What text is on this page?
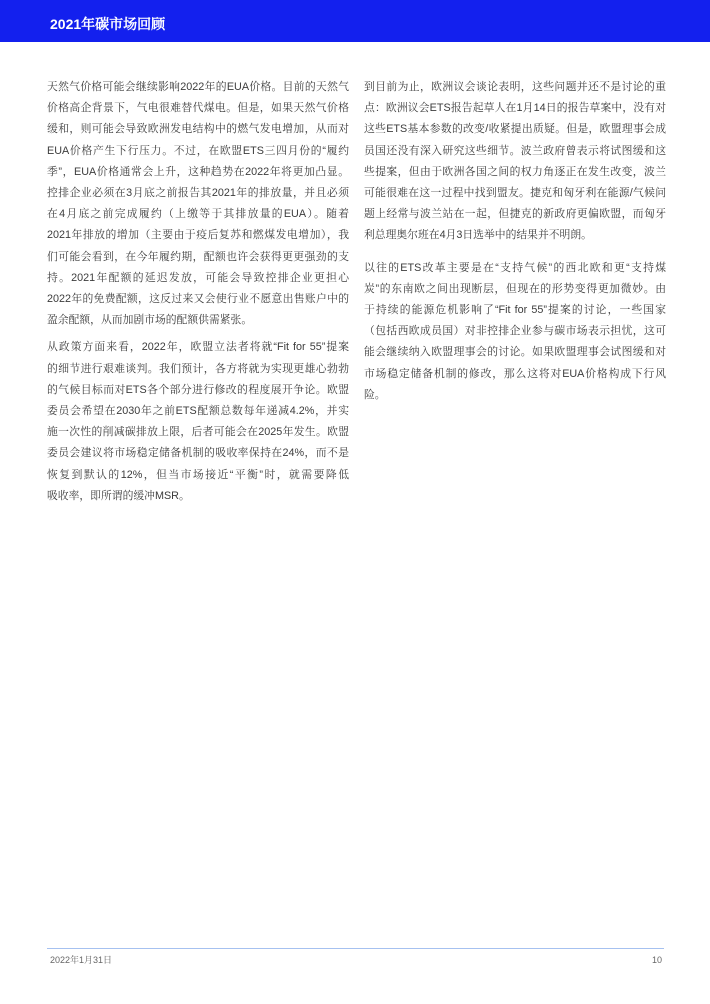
2021年碳市场回顾
天然气价格可能会继续影响2022年的EUA价格。目前的天然气
价格高企背景下，气电很难替代煤电。但是，如果天然气价格
缓和，则可能会导致欧洲发电结构中的燃气发电增加，从而对
EUA价格产生下行压力。不过，在欧盟ETS三四月份的“履约
季”，EUA价格通常会上升，这种趋势在2022年将更加凸显。
控排企业必须在3月底之前报告其2021年的排放量，并且必须
在4月底之前完成履约（上缴等于其排放量的EUA）。随着
2021年排放的增加（主要由于疫后复苏和燃煤发电增加），我
们可能会看到，在今年履约期，配额也许会获得更更强劲的支
持。2021年配额的延迟发放，可能会导致控排企业更担心
2022年的免费配额，这反过来又会使行业不愿意出售账户中的
盈余配额，从而加剧市场的配额供需紧张。
从政策方面来看，2022年，欧盟立法者将就“Fit for 55”提案
的细节进行艰难谈判。我们预计，各方将就为实现更雄心勃勃
的气候目标而对ETS各个部分进行修改的程度展开争论。欧盟
委员会希望在2030年之前ETS配额总数每年递减4.2%，并实
施一次性的削减碳排放上限，后者可能会在2025年发生。欧盟
委员会建议将市场稳定储备机制的吸收率保持在24%，而不是
恢复到默认的12%，但当市场接近“平衡”时，就需要降低
吸收率，即所谓的缓冲MSR。
到目前为止，欧洲议会谈论表明，这些问题并还不是讨论的重
点：欧洲议会ETS报告起草人在1月14日的报告草案中，没有对
这些ETS基本参数的改变/收紧提出质疑。但是，欧盟理事会成
员国还没有深入研究这些细节。波兰政府曾表示将试图缓和这
些提案，但由于欧洲各国之间的权力角逐正在发生改变，波兰
可能很难在这一过程中找到盟友。捷克和匈牙利在能源/气候问
题上经常与波兰站在一起，但捷克的新政府更偏欧盟，而匈牙
利总理奥尔班在4月3日选举中的结果并不明朗。
以往的ETS改革主要是在“支持气候”的西北欧和更“支持煤
炭”的东南欧之间出现断层，但现在的形势变得更加微妙。由
于持续的能源危机影响了“Fit for 55”提案的讨论，一些国家
（包括西欧成员国）对非控排企业参与碳市场表示担忧，这可
能会继续纳入欧盟理事会的讨论。如果欧盟理事会试图缓和对
市场稳定储备机制的修改，那么这将对EUA价格构成下行风险。
2022年1月31日	10
